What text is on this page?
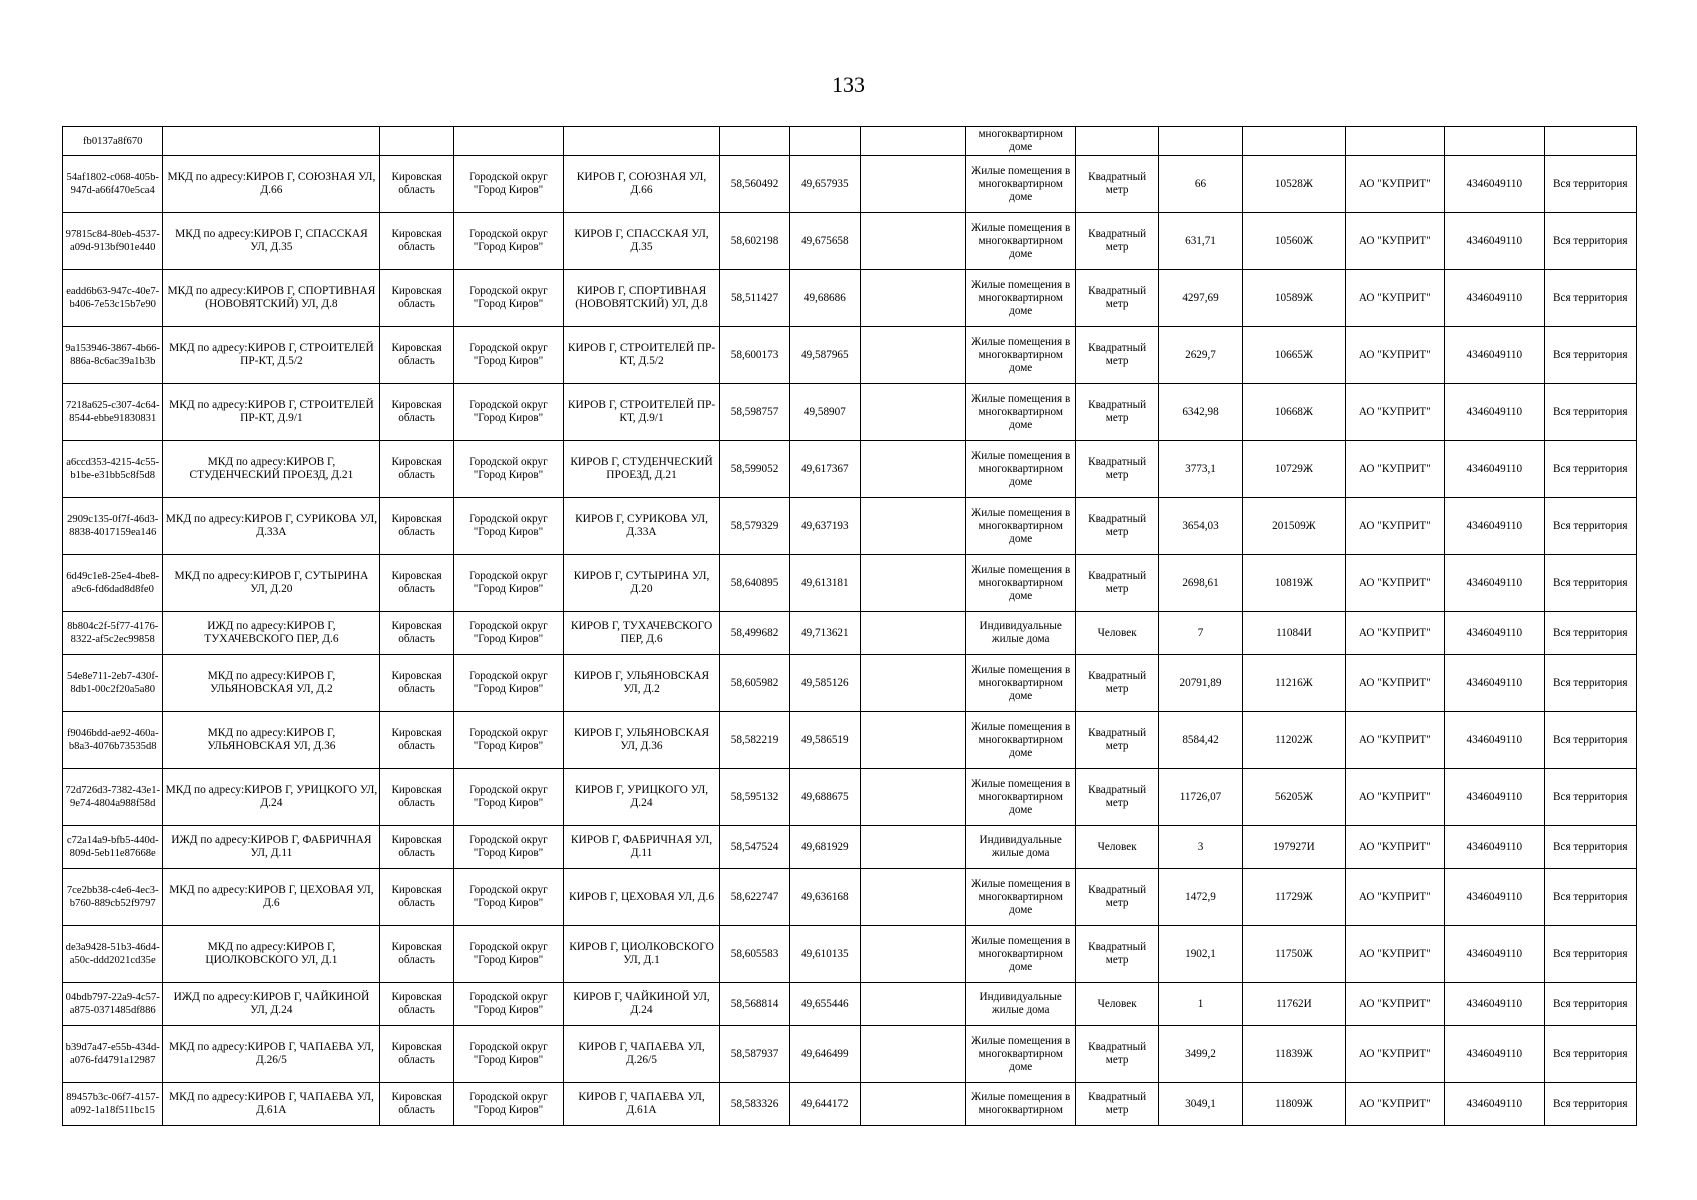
133
fb0137a8f670								многоквартирном доме						
54af1802-c068-405b-947d-a66f470e5ca4	МКД по адресу:КИРОВ Г, СОЮЗНАЯ УЛ, Д.66	Кировская область	Городской округ "Город Киров"	КИРОВ Г, СОЮЗНАЯ УЛ, Д.66	58,560492	49,657935		Жилые помещения в многоквартирном доме	Квадратный метр	66	10528Ж	АО "КУПРИТ"	4346049110	Вся территория
97815c84-80eb-4537-a09d-913bf901e440	МКД по адресу:КИРОВ Г, СПАССКАЯ УЛ, Д.35	Кировская область	Городской округ "Город Киров"	КИРОВ Г, СПАССКАЯ УЛ, Д.35	58,602198	49,675658		Жилые помещения в многоквартирном доме	Квадратный метр	631,71	10560Ж	АО "КУПРИТ"	4346049110	Вся территория
eadd6b63-947c-40e7-b406-7e53c15b7e90	МКД по адресу:КИРОВ Г, СПОРТИВНАЯ (НОВОВЯТСКИЙ) УЛ, Д.8	Кировская область	Городской округ "Город Киров"	КИРОВ Г, СПОРТИВНАЯ (НОВОВЯТСКИЙ) УЛ, Д.8	58,511427	49,68686		Жилые помещения в многоквартирном доме	Квадратный метр	4297,69	10589Ж	АО "КУПРИТ"	4346049110	Вся территория
9a153946-3867-4b66-886a-8c6ac39a1b3b	МКД по адресу:КИРОВ Г, СТРОИТЕЛЕЙ ПР-КТ, Д.5/2	Кировская область	Городской округ "Город Киров"	КИРОВ Г, СТРОИТЕЛЕЙ ПР-КТ, Д.5/2	58,600173	49,587965		Жилые помещения в многоквартирном доме	Квадратный метр	2629,7	10665Ж	АО "КУПРИТ"	4346049110	Вся территория
7218a625-c307-4c64-8544-ebbe91830831	МКД по адресу:КИРОВ Г, СТРОИТЕЛЕЙ ПР-КТ, Д.9/1	Кировская область	Городской округ "Город Киров"	КИРОВ Г, СТРОИТЕЛЕЙ ПР-КТ, Д.9/1	58,598757	49,58907		Жилые помещения в многоквартирном доме	Квадратный метр	6342,98	10668Ж	АО "КУПРИТ"	4346049110	Вся территория
a6ccd353-4215-4c55-b1be-e31bb5c8f5d8	МКД по адресу:КИРОВ Г, СТУДЕНЧЕСКИЙ ПРОЕЗД, Д.21	Кировская область	Городской округ "Город Киров"	КИРОВ Г, СТУДЕНЧЕСКИЙ ПРОЕЗД, Д.21	58,599052	49,617367		Жилые помещения в многоквартирном доме	Квадратный метр	3773,1	10729Ж	АО "КУПРИТ"	4346049110	Вся территория
2909c135-0f7f-46d3-8838-4017159ea146	МКД по адресу:КИРОВ Г, СУРИКОВА УЛ, Д.33А	Кировская область	Городской округ "Город Киров"	КИРОВ Г, СУРИКОВА УЛ, Д.33А	58,579329	49,637193		Жилые помещения в многоквартирном доме	Квадратный метр	3654,03	201509Ж	АО "КУПРИТ"	4346049110	Вся территория
6d49c1e8-25e4-4be8-a9c6-fd6dad8d8fe0	МКД по адресу:КИРОВ Г, СУТЫРИНА УЛ, Д.20	Кировская область	Городской округ "Город Киров"	КИРОВ Г, СУТЫРИНА УЛ, Д.20	58,640895	49,613181		Жилые помещения в многоквартирном доме	Квадратный метр	2698,61	10819Ж	АО "КУПРИТ"	4346049110	Вся территория
8b804c2f-5f77-4176-8322-af5c2ec99858	ИЖД по адресу:КИРОВ Г, ТУХАЧЕВСКОГО ПЕР, Д.6	Кировская область	Городской округ "Город Киров"	КИРОВ Г, ТУХАЧЕВСКОГО ПЕР, Д.6	58,499682	49,713621		Индивидуальные жилые дома	Человек	7	11084И	АО "КУПРИТ"	4346049110	Вся территория
54e8e711-2eb7-430f-8db1-00c2f20a5a80	МКД по адресу:КИРОВ Г, УЛЬЯНОВСКАЯ УЛ, Д.2	Кировская область	Городской округ "Город Киров"	КИРОВ Г, УЛЬЯНОВСКАЯ УЛ, Д.2	58,605982	49,585126		Жилые помещения в многоквартирном доме	Квадратный метр	20791,89	11216Ж	АО "КУПРИТ"	4346049110	Вся территория
f9046bdd-ae92-460a-b8a3-4076b73535d8	МКД по адресу:КИРОВ Г, УЛЬЯНОВСКАЯ УЛ, Д.36	Кировская область	Городской округ "Город Киров"	КИРОВ Г, УЛЬЯНОВСКАЯ УЛ, Д.36	58,582219	49,586519		Жилые помещения в многоквартирном доме	Квадратный метр	8584,42	11202Ж	АО "КУПРИТ"	4346049110	Вся территория
72d726d3-7382-43e1-9e74-4804a988f58d	МКД по адресу:КИРОВ Г, УРИЦКОГО УЛ, Д.24	Кировская область	Городской округ "Город Киров"	КИРОВ Г, УРИЦКОГО УЛ, Д.24	58,595132	49,688675		Жилые помещения в многоквартирном доме	Квадратный метр	11726,07	56205Ж	АО "КУПРИТ"	4346049110	Вся территория
c72a14a9-bfb5-440d-809d-5eb11e87668e	ИЖД по адресу:КИРОВ Г, ФАБРИЧНАЯ УЛ, Д.11	Кировская область	Городской округ "Город Киров"	КИРОВ Г, ФАБРИЧНАЯ УЛ, Д.11	58,547524	49,681929		Индивидуальные жилые дома	Человек	3	197927И	АО "КУПРИТ"	4346049110	Вся территория
7ce2bb38-c4e6-4ec3-b760-889cb52f9797	МКД по адресу:КИРОВ Г, ЦЕХОВАЯ УЛ, Д.6	Кировская область	Городской округ "Город Киров"	КИРОВ Г, ЦЕХОВАЯ УЛ, Д.6	58,622747	49,636168		Жилые помещения в многоквартирном доме	Квадратный метр	1472,9	11729Ж	АО "КУПРИТ"	4346049110	Вся территория
de3a9428-51b3-46d4-a50c-ddd2021cd35e	МКД по адресу:КИРОВ Г, ЦИОЛКОВСКОГО УЛ, Д.1	Кировская область	Городской округ "Город Киров"	КИРОВ Г, ЦИОЛКОВСКОГО УЛ, Д.1	58,605583	49,610135		Жилые помещения в многоквартирном доме	Квадратный метр	1902,1	11750Ж	АО "КУПРИТ"	4346049110	Вся территория
04bdb797-22a9-4c57-a875-0371485df886	ИЖД по адресу:КИРОВ Г, ЧАЙКИНОЙ УЛ, Д.24	Кировская область	Городской округ "Город Киров"	КИРОВ Г, ЧАЙКИНОЙ УЛ, Д.24	58,568814	49,655446		Индивидуальные жилые дома	Человек	1	11762И	АО "КУПРИТ"	4346049110	Вся территория
b39d7a47-e55b-434d-a076-fd4791a12987	МКД по адресу:КИРОВ Г, ЧАПАЕВА УЛ, Д.26/5	Кировская область	Городской округ "Город Киров"	КИРОВ Г, ЧАПАЕВА УЛ, Д.26/5	58,587937	49,646499		Жилые помещения в многоквартирном доме	Квадратный метр	3499,2	11839Ж	АО "КУПРИТ"	4346049110	Вся территория
89457b3c-06f7-4157-a092-1a18f511bc15	МКД по адресу:КИРОВ Г, ЧАПАЕВА УЛ, Д.61А	Кировская область	Городской округ "Город Киров"	КИРОВ Г, ЧАПАЕВА УЛ, Д.61А	58,583326	49,644172		Жилые помещения в многоквартирном	Квадратный метр	3049,1	11809Ж	АО "КУПРИТ"	4346049110	Вся территория
